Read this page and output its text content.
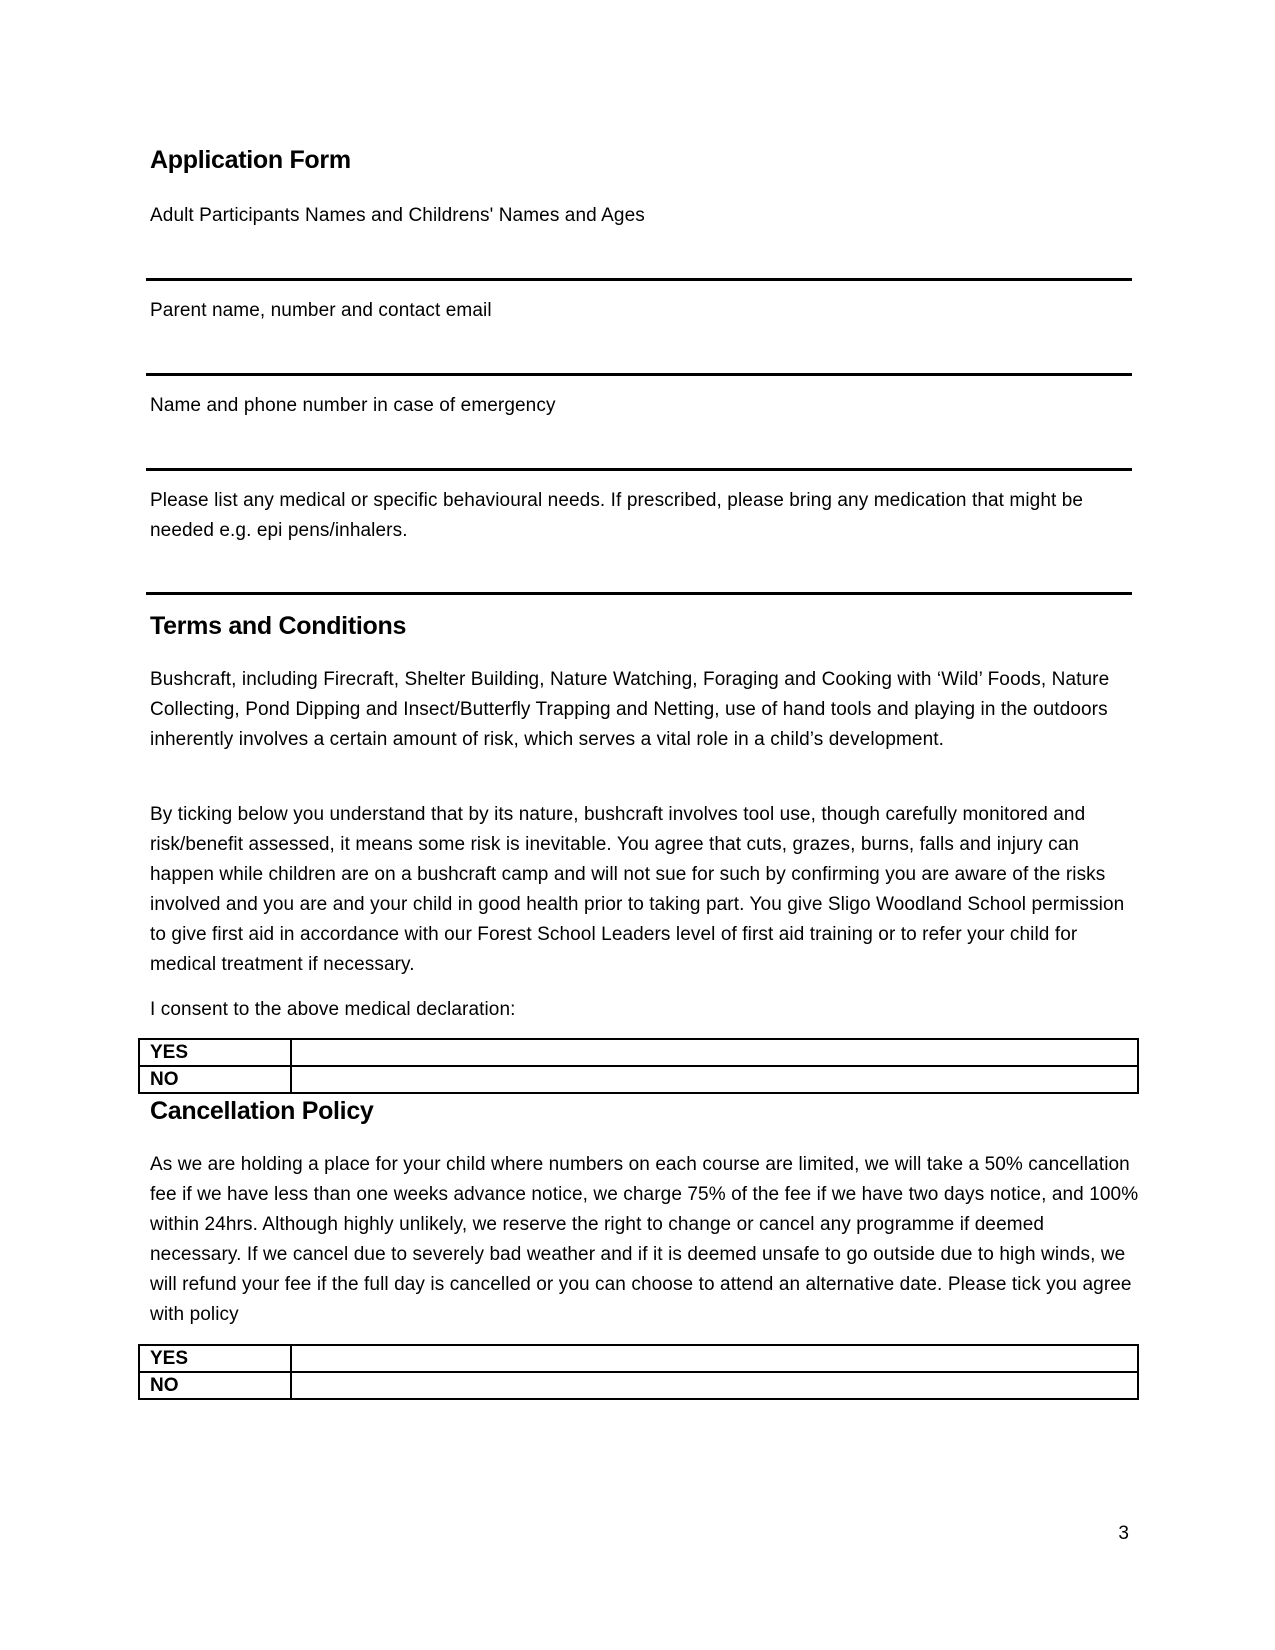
Application Form

Adult Participants Names and Childrens' Names and Ages

Parent name, number and contact email

Name and phone number in case of emergency

Please list any medical or specific behavioural needs. If prescribed, please bring any medication that might be needed e.g. epi pens/inhalers.

Terms and Conditions

Bushcraft, including Firecraft, Shelter Building, Nature Watching, Foraging and Cooking with ‘Wild’ Foods, Nature Collecting, Pond Dipping and Insect/Butterfly Trapping and Netting, use of hand tools and playing in the outdoors inherently involves a certain amount of risk, which serves a vital role in a child’s development.

By ticking below you understand that by its nature, bushcraft involves tool use, though carefully monitored and risk/benefit assessed, it means some risk is inevitable. You agree that cuts, grazes, burns, falls and injury can happen while children are on a bushcraft camp and will not sue for such by confirming you are aware of the risks involved and you are and your child in good health prior to taking part. You give Sligo Woodland School permission to give first aid in accordance with our Forest School Leaders level of first aid training or to refer your child for medical treatment if necessary.

I consent to the above medical declaration:

YES	
NO	
Cancellation Policy

As we are holding a place for your child where numbers on each course are limited, we will take a 50% cancellation fee if we have less than one weeks advance notice, we charge 75% of the fee if we have two days notice, and 100% within 24hrs. Although highly unlikely, we reserve the right to change or cancel any programme if deemed necessary. If we cancel due to severely bad weather and if it is deemed unsafe to go outside due to high winds, we will refund your fee if the full day is cancelled or you can choose to attend an alternative date. Please tick you agree with policy

YES	
NO	

3
